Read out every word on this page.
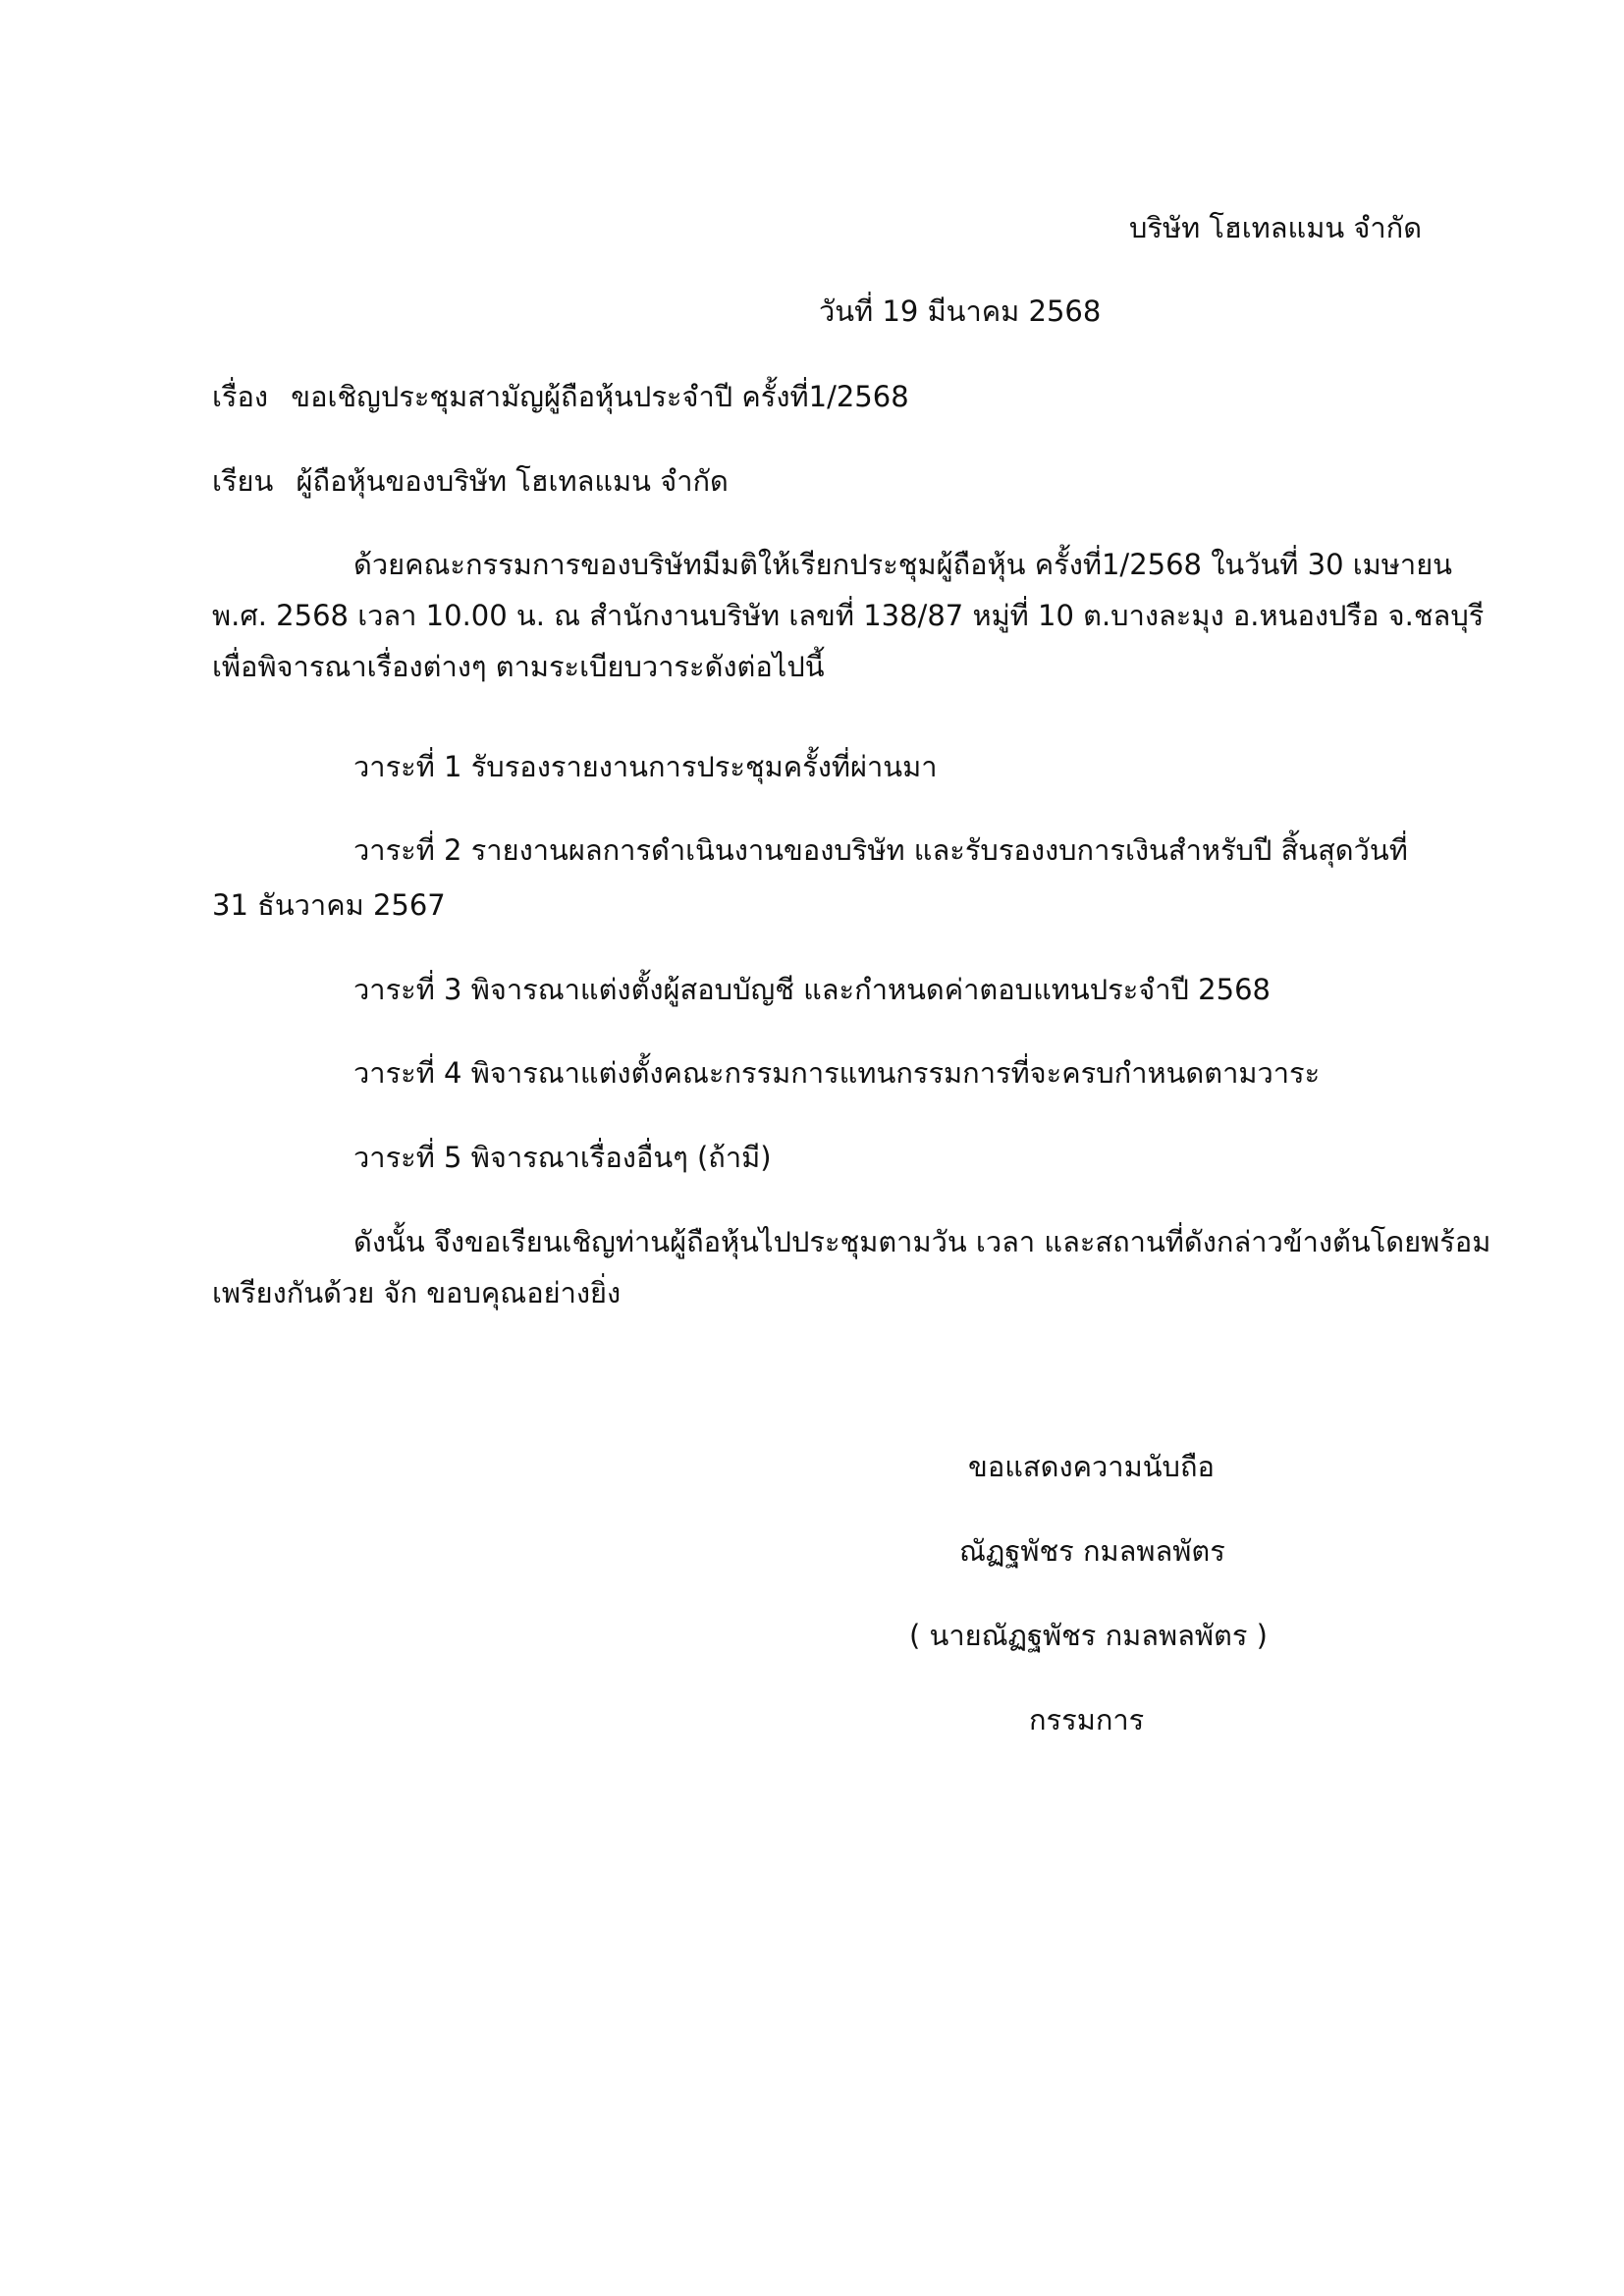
บริษัท โฮเทลแมน จำกัด
วันที่ 19 มีนาคม 2568
เรื่อง ขอเชิญประชุมสามัญผู้ถือหุ้นประจำปี ครั้งที่1/2568
เรียน ผู้ถือหุ้นของบริษัท โฮเทลแมน จำกัด
ด้วยคณะกรรมการของบริษัทมีมติให้เรียกประชุมผู้ถือหุ้น ครั้งที่1/2568 ในวันที่ 30 เมษายน
พ.ศ. 2568 เวลา 10.00 น. ณ สำนักงานบริษัท เลขที่ 138/87 หมู่ที่ 10 ต.บางละมุง อ.หนองปรือ จ.ชลบุรี
เพื่อพิจารณาเรื่องต่างๆ ตามระเบียบวาระดังต่อไปนี้
วาระที่ 1 รับรองรายงานการประชุมครั้งที่ผ่านมา
วาระที่ 2 รายงานผลการดำเนินงานของบริษัท และรับรองงบการเงินสำหรับปี สิ้นสุดวันที่
31 ธันวาคม 2567
วาระที่ 3 พิจารณาแต่งตั้งผู้สอบบัญชี และกำหนดค่าตอบแทนประจำปี 2568
วาระที่ 4 พิจารณาแต่งตั้งคณะกรรมการแทนกรรมการที่จะครบกำหนดตามวาระ
วาระที่ 5 พิจารณาเรื่องอื่นๆ (ถ้ามี)
ดังนั้น จึงขอเรียนเชิญท่านผู้ถือหุ้นไปประชุมตามวัน เวลา และสถานที่ดังกล่าวข้างต้นโดยพร้อม
เพรียงกันด้วย จัก ขอบคุณอย่างยิ่ง
ขอแสดงความนับถือ
ณัฏฐพัชร กมลพลพัตร
( นายณัฏฐพัชร กมลพลพัตร )
กรรมการ
